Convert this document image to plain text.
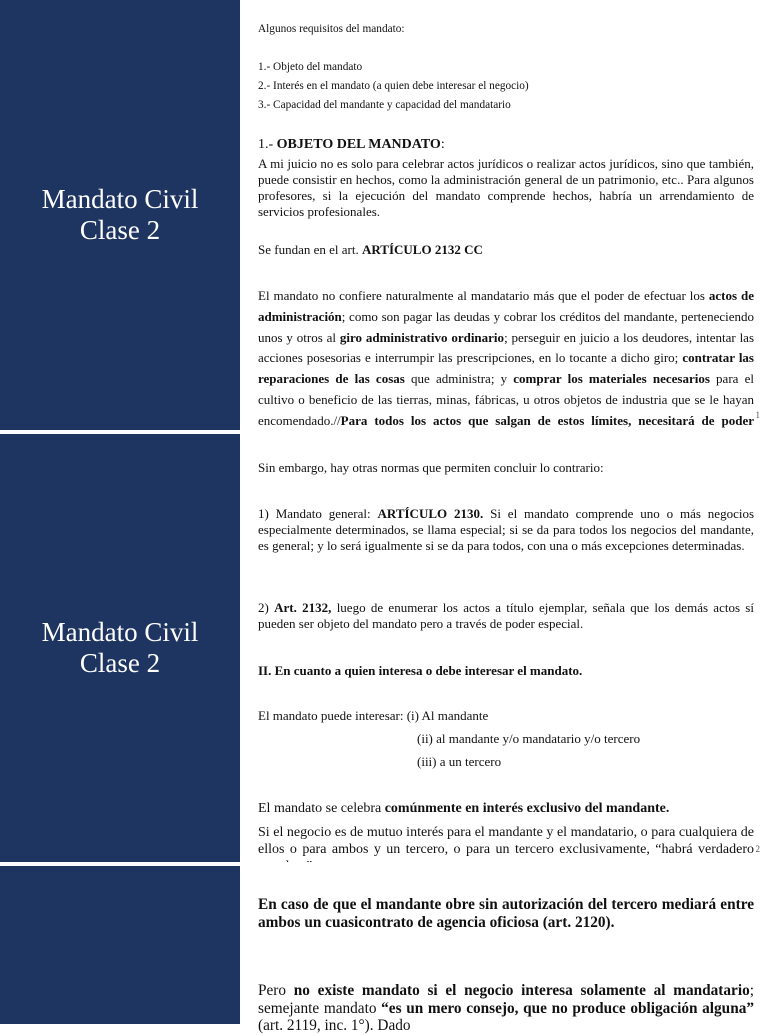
Mandato Civil
Clase 2
Algunos requisitos del mandato:
1.- Objeto del mandato
2.- Interés en el mandato (a quien debe interesar el negocio)
3.- Capacidad del mandante y capacidad del mandatario
1.- OBJETO DEL MANDATO:
A mi juicio no es solo para celebrar actos jurídicos o realizar actos jurídicos, sino que también, puede consistir en hechos, como la administración general de un patrimonio, etc.. Para algunos profesores, si la ejecución del mandato comprende hechos, habría un arrendamiento de servicios profesionales.
Se fundan en el art. ARTÍCULO 2132 CC
El mandato no confiere naturalmente al mandatario más que el poder de efectuar los actos de administración; como son pagar las deudas y cobrar los créditos del mandante, perteneciendo unos y otros al giro administrativo ordinario; perseguir en juicio a los deudores, intentar las acciones posesorias e interrumpir las prescripciones, en lo tocante a dicho giro; contratar las reparaciones de las cosas que administra; y comprar los materiales necesarios para el cultivo o beneficio de las tierras, minas, fábricas, u otros objetos de industria que se le hayan encomendado.//Para todos los actos que salgan de estos límites, necesitará de poder 1
Mandato Civil
Clase 2
Sin embargo, hay otras normas que permiten concluir lo contrario:
1) Mandato general: ARTÍCULO 2130. Si el mandato comprende uno o más negocios especialmente determinados, se llama especial; si se da para todos los negocios del mandante, es general; y lo será igualmente si se da para todos, con una o más excepciones determinadas.
2) Art. 2132, luego de enumerar los actos a título ejemplar, señala que los demás actos sí pueden ser objeto del mandato pero a través de poder especial.
II. En cuanto a quien interesa o debe interesar el mandato.
El mandato puede interesar: (i) Al mandante
(ii) al mandante y/o mandatario y/o tercero
(iii) a un tercero
El mandato se celebra comúnmente en interés exclusivo del mandante.
Si el negocio es de mutuo interés para el mandante y el mandatario, o para cualquiera de ellos o para ambos y un tercero, o para un tercero exclusivamente, “habrá verdadero 2
En caso de que el mandante obre sin autorización del tercero mediará entre ambos un cuasicontrato de agencia oficiosa (art. 2120).
Pero no existe mandato si el negocio interesa solamente al mandatario; semejante mandato “es un mero consejo, que no produce obligación alguna” (art. 2119, inc. 1°). Dado
